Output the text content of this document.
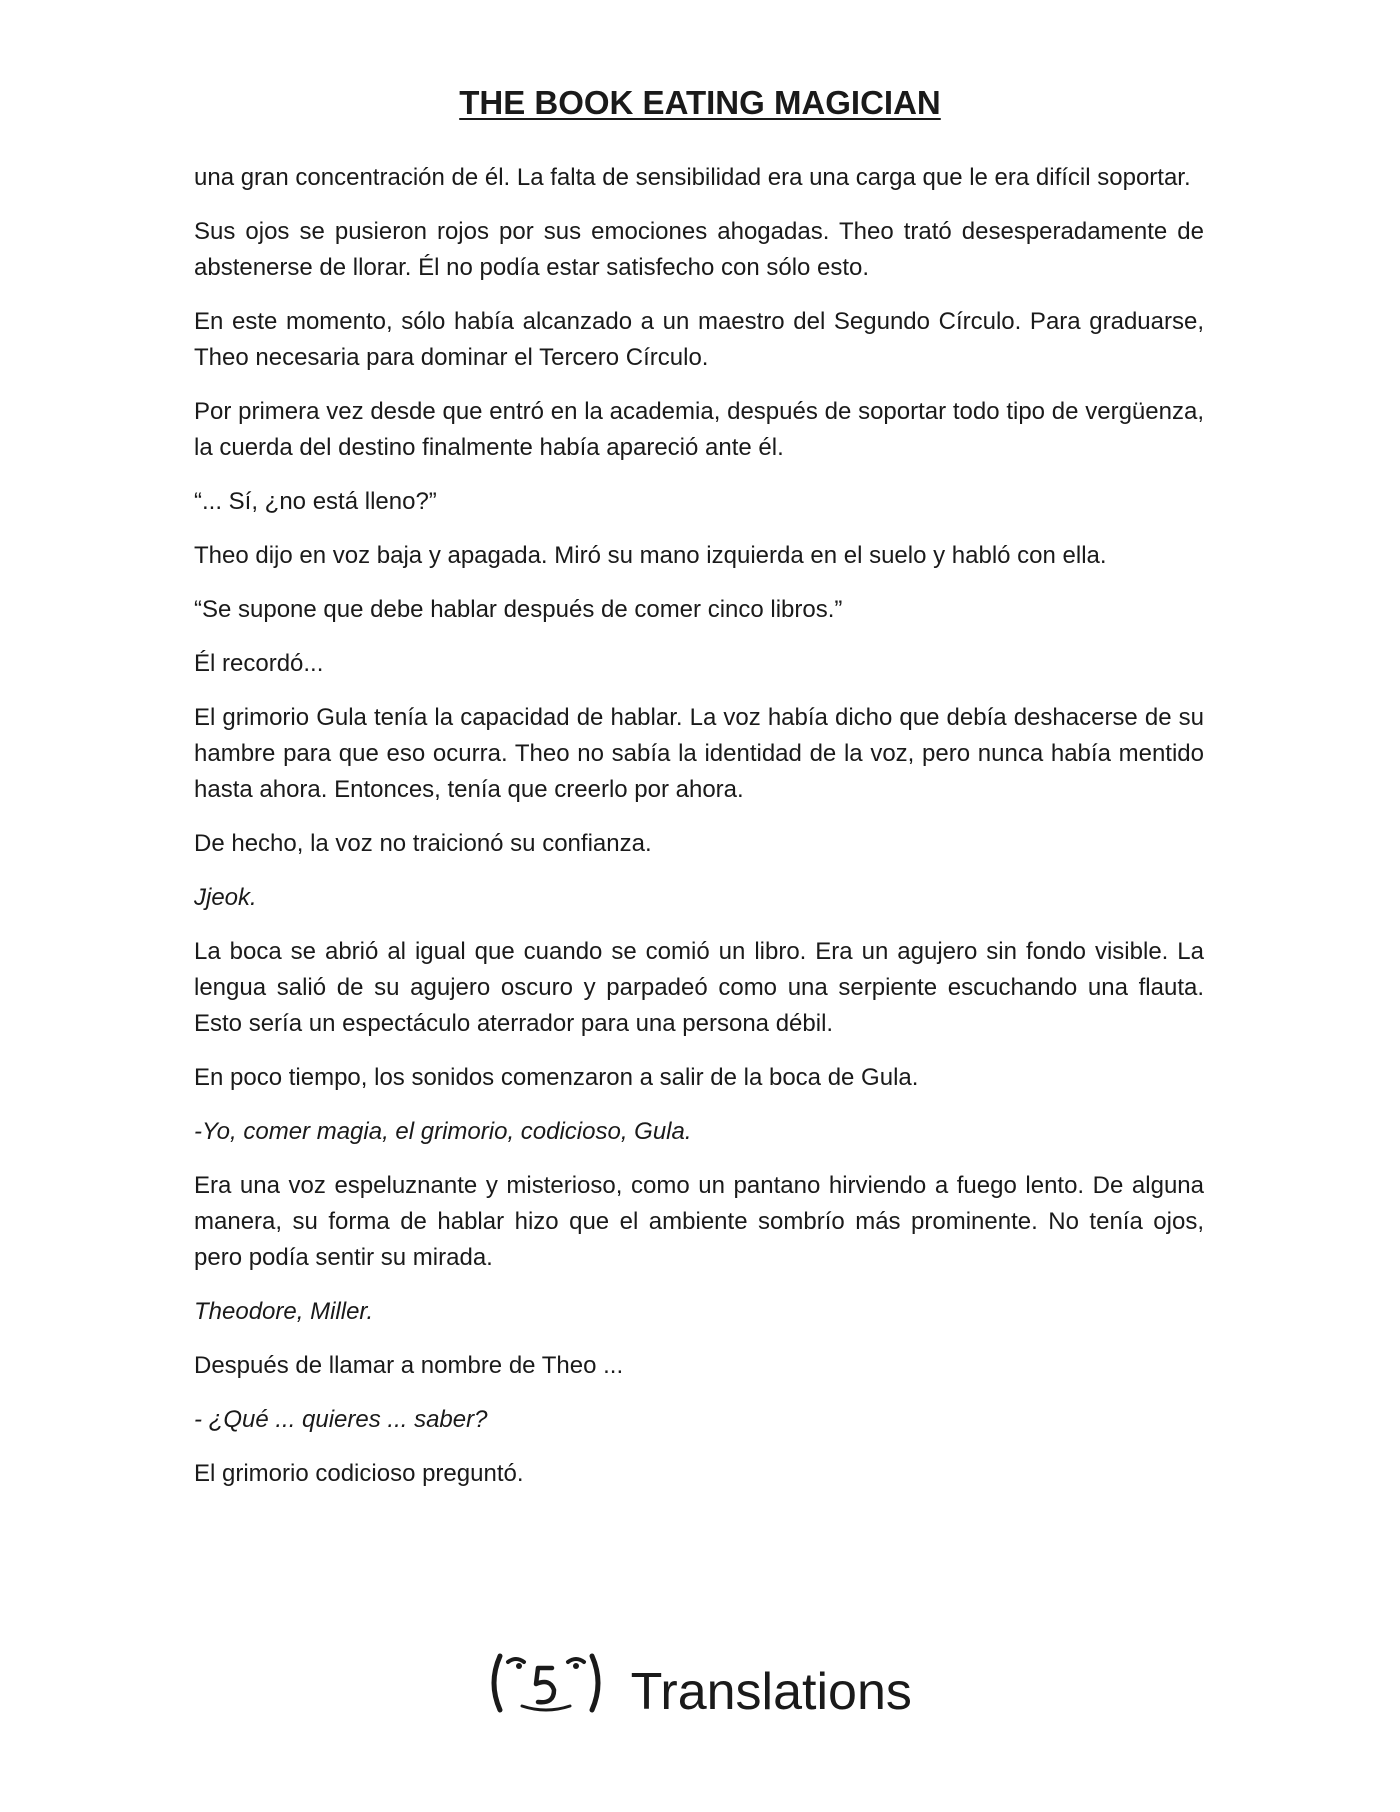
THE BOOK EATING MAGICIAN

una gran concentración de él. La falta de sensibilidad era una carga que le era difícil soportar.

Sus ojos se pusieron rojos por sus emociones ahogadas. Theo trató desesperadamente de abstenerse de llorar. Él no podía estar satisfecho con sólo esto.

En este momento, sólo había alcanzado a un maestro del Segundo Círculo. Para graduarse, Theo necesaria para dominar el Tercero Círculo.

Por primera vez desde que entró en la academia, después de soportar todo tipo de vergüenza, la cuerda del destino finalmente había apareció ante él.

“... Sí, ¿no está lleno?”

Theo dijo en voz baja y apagada. Miró su mano izquierda en el suelo y habló con ella.

“Se supone que debe hablar después de comer cinco libros.”

Él recordó...

El grimorio Gula tenía la capacidad de hablar. La voz había dicho que debía deshacerse de su hambre para que eso ocurra. Theo no sabía la identidad de la voz, pero nunca había mentido hasta ahora. Entonces, tenía que creerlo por ahora.

De hecho, la voz no traicionó su confianza.

Jjeok.

La boca se abrió al igual que cuando se comió un libro. Era un agujero sin fondo visible. La lengua salió de su agujero oscuro y parpadeó como una serpiente escuchando una flauta. Esto sería un espectáculo aterrador para una persona débil.

En poco tiempo, los sonidos comenzaron a salir de la boca de Gula.

-Yo, comer magia, el grimorio, codicioso, Gula.

Era una voz espeluznante y misterioso, como un pantano hirviendo a fuego lento. De alguna manera, su forma de hablar hizo que el ambiente sombrío más prominente. No tenía ojos, pero podía sentir su mirada.

Theodore, Miller.

Después de llamar a nombre de Theo ...

- ¿Qué ... quieres ... saber?

El grimorio codicioso preguntó.

Translations
